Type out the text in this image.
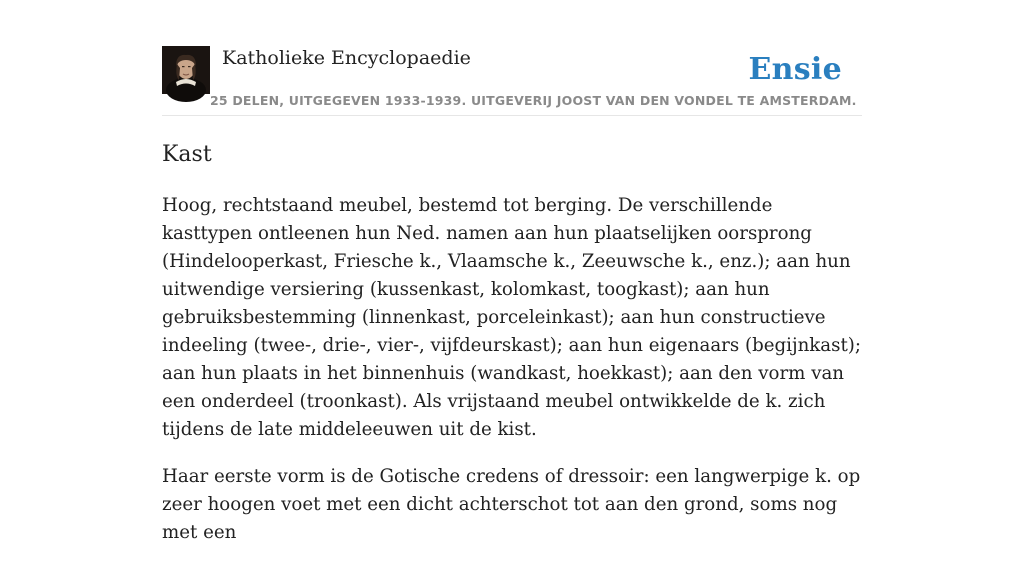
Katholieke Encyclopaedie	Ensie
25 DELEN, UITGEGEVEN 1933-1939. UITGEVERIJ JOOST VAN DEN VONDEL TE AMSTERDAM.
Kast

Hoog, rechtstaand meubel, bestemd tot berging. De verschillende kasttypen ontleenen hun Ned. namen aan hun plaatselijken oorsprong (Hindelooperkast, Friesche k., Vlaamsche k., Zeeuwsche k., enz.); aan hun uitwendige versiering (kussenkast, kolomkast, toogkast); aan hun gebruiksbestemming (linnenkast, porceleinkast); aan hun constructieve indeeling (twee-, drie-, vier-, vijfdeurskast); aan hun eigenaars (begijnkast); aan hun plaats in het binnenhuis (wandkast, hoekkast); aan den vorm van een onderdeel (troonkast). Als vrijstaand meubel ontwikkelde de k. zich tijdens de late middeleeuwen uit de kist.

Haar eerste vorm is de Gotische credens of dressoir: een langwerpige k. op zeer hoogen voet met een dicht achterschot tot aan den grond, soms nog met een
